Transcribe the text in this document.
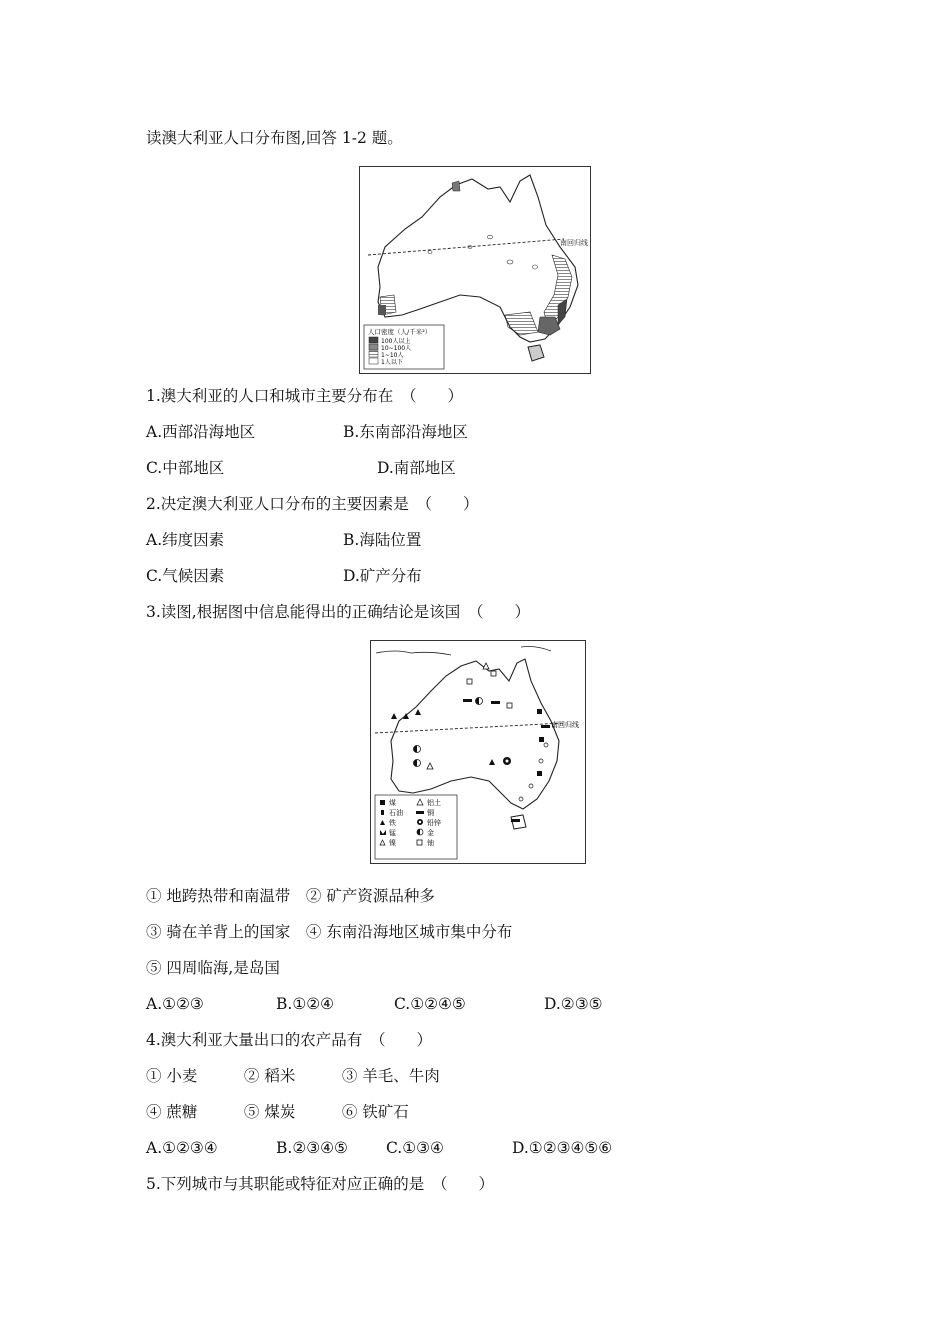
读澳大利亚人口分布图,回答 1-2 题。
南回归线
人口密度（人/千米²）
100人以上
10~100人
1~10人
1人以下
1.澳大利亚的人口和城市主要分布在　（　　）
A.西部沿海地区	B.东南部沿海地区
C.中部地区	D.南部地区
2.决定澳大利亚人口分布的主要因素是　（　　）
A.纬度因素	B.海陆位置
C.气候因素	D.矿产分布
3.读图,根据图中信息能得出的正确结论是该国　（　　）
南回归线
煤	铝土
石油	铜
铁	铅锌
锰	金
镍	铀
① 地跨热带和南温带　② 矿产资源品种多
③ 骑在羊背上的国家　④ 东南沿海地区城市集中分布
⑤ 四周临海,是岛国
A.①②③	B.①②④	C.①②④⑤	D.②③⑤
4.澳大利亚大量出口的农产品有　（　　）
① 小麦　　　② 稻米　　　③ 羊毛、牛肉
④ 蔗糖　　　⑤ 煤炭　　　⑥ 铁矿石
A.①②③④	B.②③④⑤ C.①③④	D.①②③④⑤⑥
5.下列城市与其职能或特征对应正确的是　（　　）
